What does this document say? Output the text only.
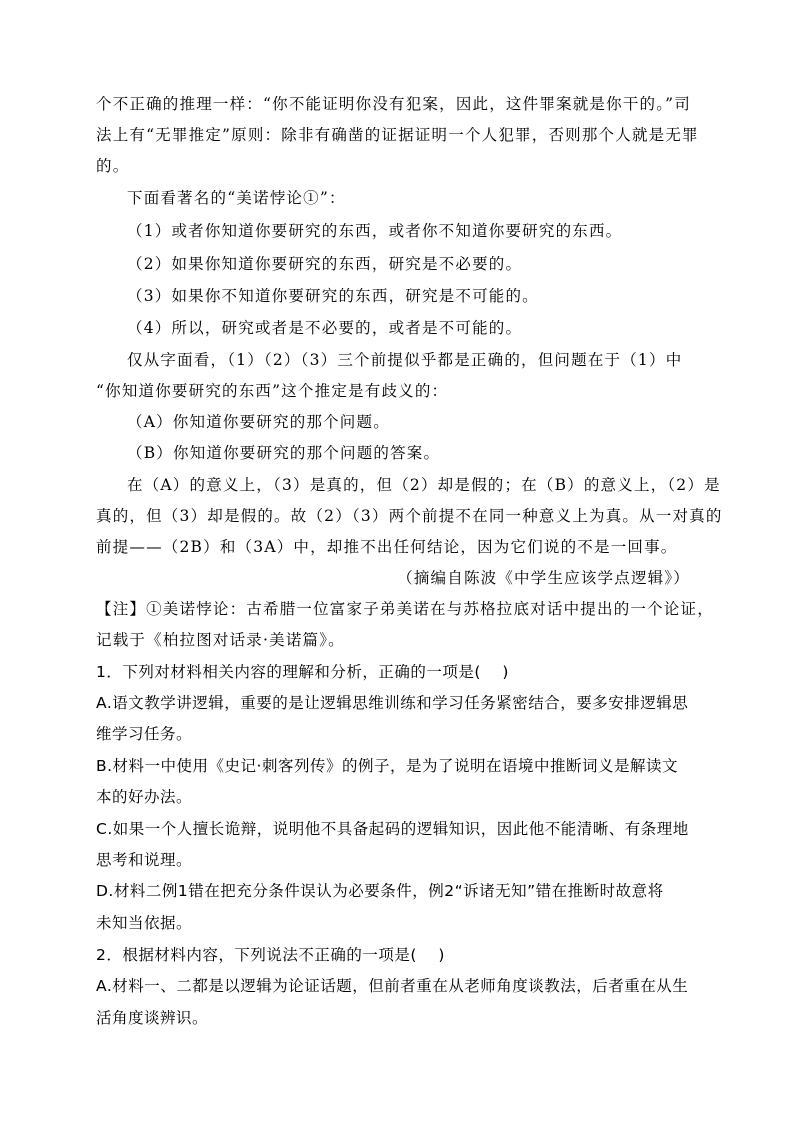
个不正确的推理一样：“你不能证明你没有犯案，因此，这件罪案就是你干的。”司
法上有“无罪推定”原则：除非有确凿的证据证明一个人犯罪，否则那个人就是无罪
的。
下面看著名的“美诺悖论①”：
（1）或者你知道你要研究的东西，或者你不知道你要研究的东西。
（2）如果你知道你要研究的东西，研究是不必要的。
（3）如果你不知道你要研究的东西，研究是不可能的。
（4）所以，研究或者是不必要的，或者是不可能的。
仅从字面看，（1）（2）（3）三个前提似乎都是正确的，但问题在于（1）中
“你知道你要研究的东西”这个推定是有歧义的：
（A）你知道你要研究的那个问题。
（B）你知道你要研究的那个问题的答案。
在（A）的意义上，（3）是真的，但（2）却是假的；在（B）的意义上，（2）是
真的，但（3）却是假的。故（2）（3）两个前提不在同一种意义上为真。从一对真的
前提——（2B）和（3A）中，却推不出任何结论，因为它们说的不是一回事。
（摘编自陈波《中学生应该学点逻辑》）
【注】①美诺悖论：古希腊一位富家子弟美诺在与苏格拉底对话中提出的一个论证，
记载于《柏拉图对话录·美诺篇》。
1．下列对材料相关内容的理解和分析，正确的一项是(　 )
A.语文教学讲逻辑，重要的是让逻辑思维训练和学习任务紧密结合，要多安排逻辑思
维学习任务。
B.材料一中使用《史记·刺客列传》的例子，是为了说明在语境中推断词义是解读文
本的好办法。
C.如果一个人擅长诡辩，说明他不具备起码的逻辑知识，因此他不能清晰、有条理地
思考和说理。
D.材料二例1错在把充分条件误认为必要条件，例2“诉诸无知”错在推断时故意将
未知当依据。
2．根据材料内容，下列说法不正确的一项是(　 )
A.材料一、二都是以逻辑为论证话题，但前者重在从老师角度谈教法，后者重在从生
活角度谈辨识。
